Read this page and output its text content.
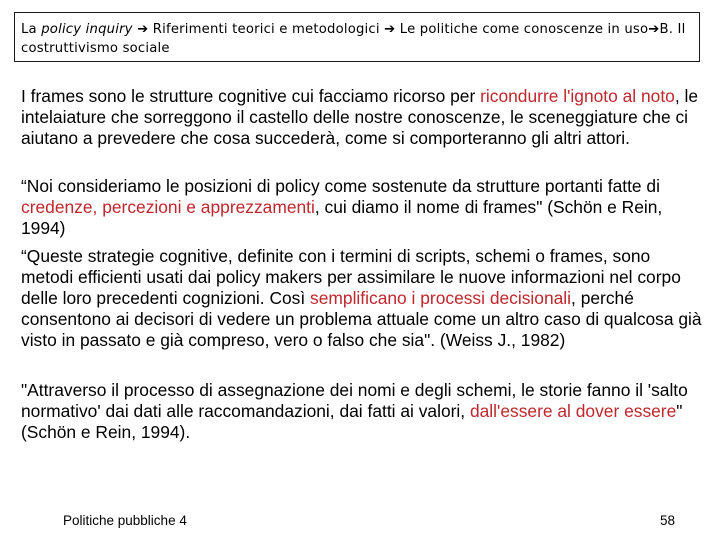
La policy inquiry ➔ Riferimenti teorici e metodologici ➔ Le politiche come conoscenze in uso➔B. Il costruttivismo sociale

I frames sono le strutture cognitive cui facciamo ricorso per ricondurre l'ignoto al noto, le intelaiature che sorreggono il castello delle nostre conoscenze, le sceneggiature che ci aiutano a prevedere che cosa succederà, come si comporteranno gli altri attori.

“Noi consideriamo le posizioni di policy come sostenute da strutture portanti fatte di credenze, percezioni e apprezzamenti, cui diamo il nome di frames" (Schön e Rein, 1994)

“Queste strategie cognitive, definite con i termini di scripts, schemi o frames, sono metodi efficienti usati dai policy makers per assimilare le nuove informazioni nel corpo delle loro precedenti cognizioni. Così semplificano i processi decisionali, perché consentono ai decisori di vedere un problema attuale come un altro caso di qualcosa già visto in passato e già compreso, vero o falso che sia". (Weiss J., 1982)

"Attraverso il processo di assegnazione dei nomi e degli schemi, le storie fanno il 'salto normativo' dai dati alle raccomandazioni, dai fatti ai valori, dall'essere al dover essere" (Schön e Rein, 1994).

Politiche pubbliche 4	58
